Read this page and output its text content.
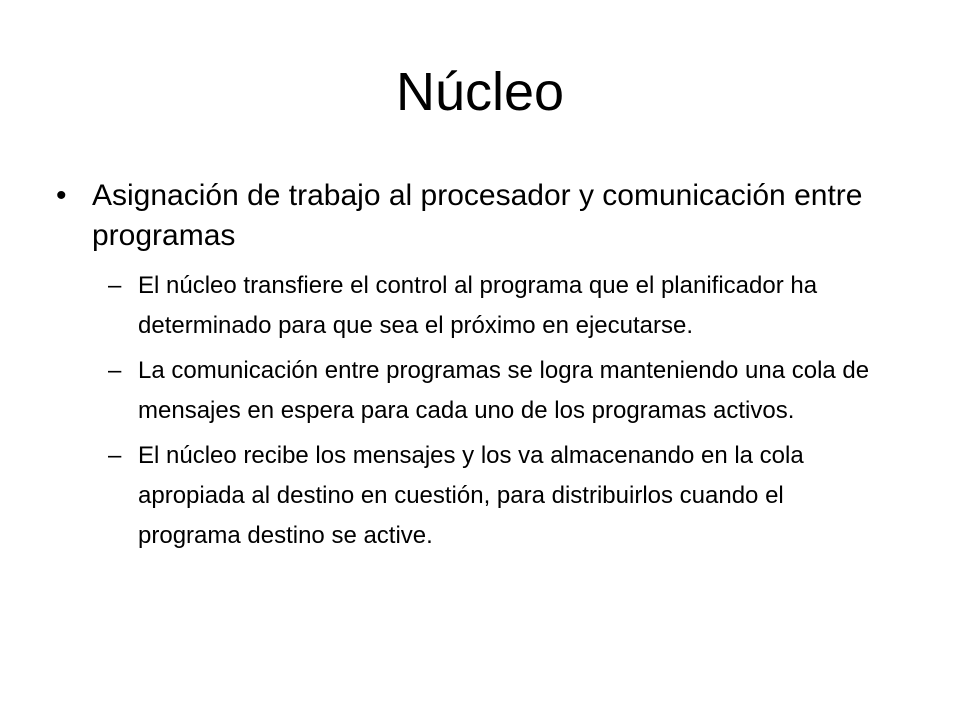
Núcleo
• Asignación de trabajo al procesador y comunicación entre programas
– El núcleo transfiere el control al programa que el planificador ha determinado para que sea el próximo en ejecutarse.
– La comunicación entre programas se logra manteniendo una cola de mensajes en espera para cada uno de los programas activos.
– El núcleo recibe los mensajes y los va almacenando en la cola apropiada al destino en cuestión, para distribuirlos cuando el programa destino se active.
